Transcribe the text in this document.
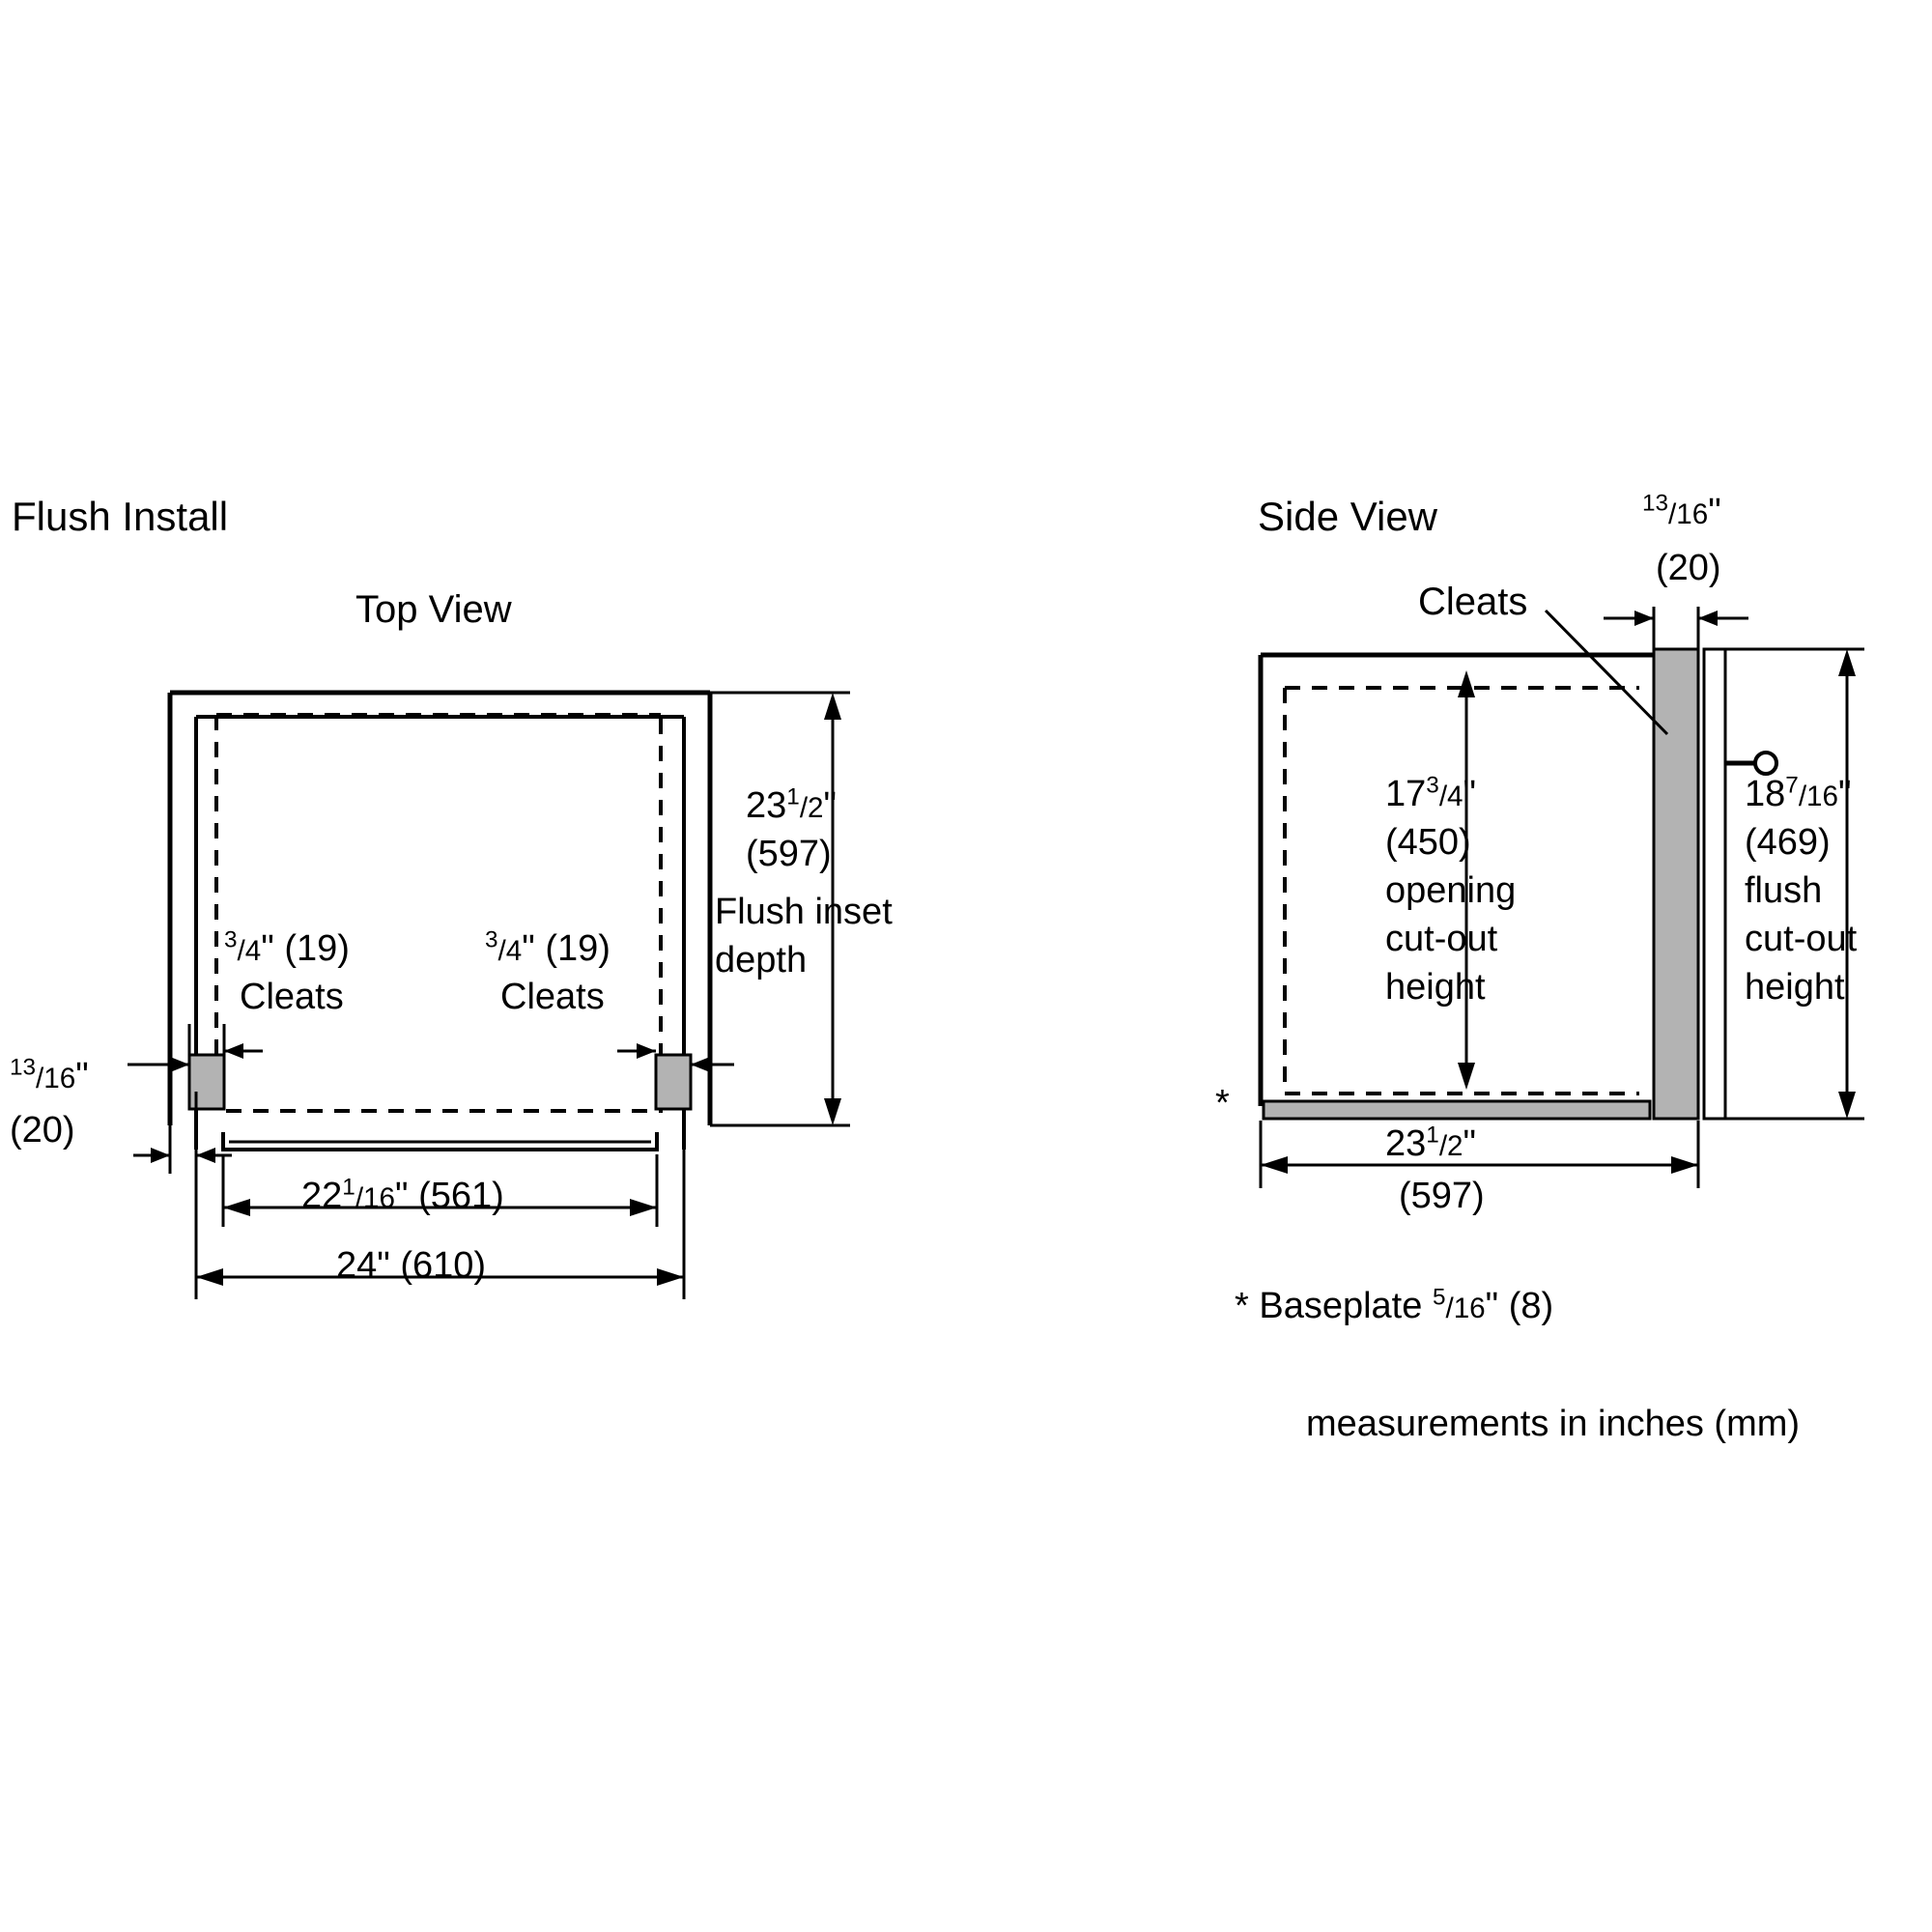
Flush Install
Top View
$^3$/4" (19)
Cleats
$^3$/4" (19)
Cleats
$^{13}$/16"
(20)
$23^1/2$"
(597)
Flush inset
depth
$22^1/16$" (561)
24" (610)
Side View	$^{13}$/16"
(20)
Cleats
$17^3/4$"
(450)
opening
cut-out
height
$18^7/16$"
(469)
flush
cut-out
height
*
$23^1/2$"
(597)
* Baseplate $^5$/16" (8)
measurements in inches (mm)
